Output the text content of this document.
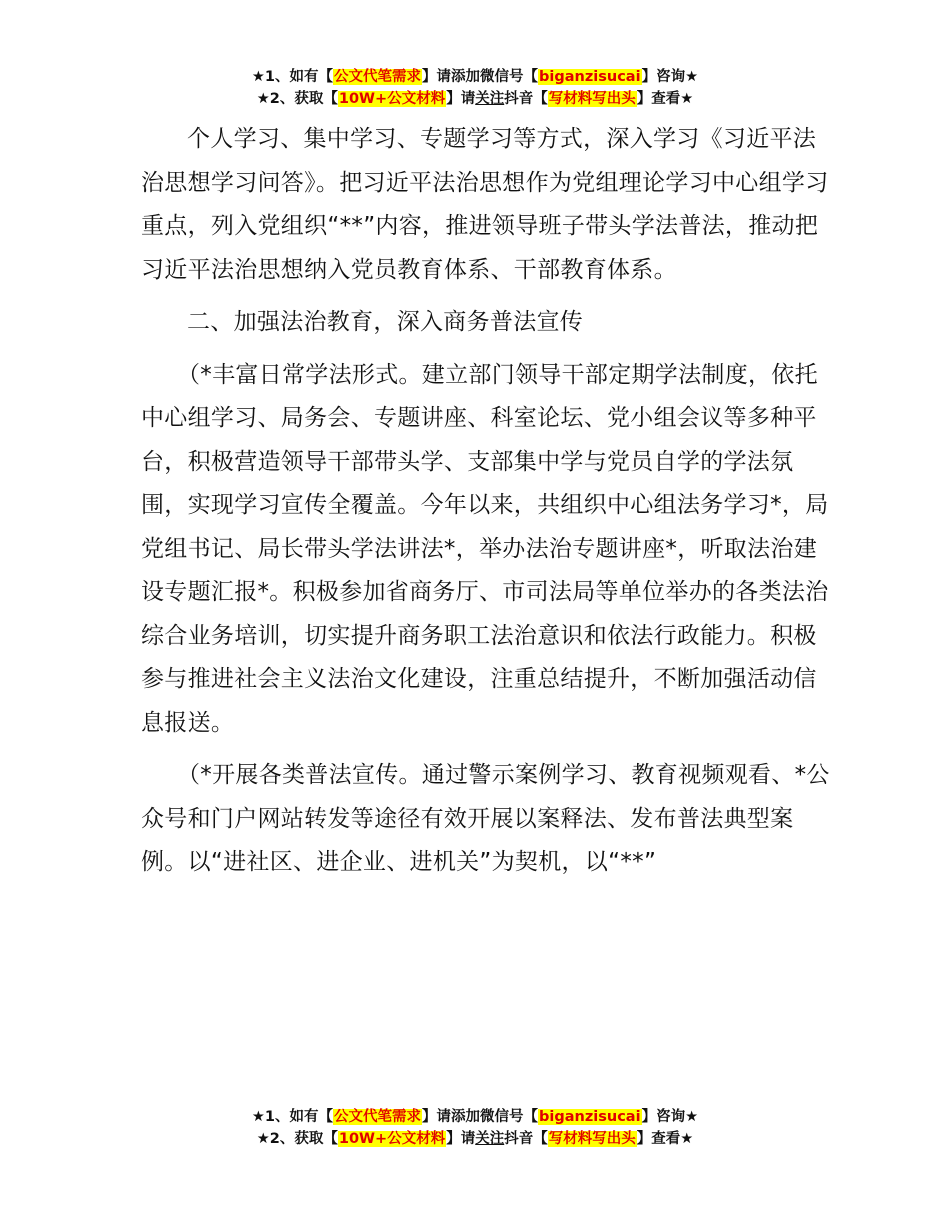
★1、如有【公文代笔需求】请添加微信号【biganzisucai】咨询★
★2、获取【10W+公文材料】请关注抖音【写材料写出头】查看★

个人学习、集中学习、专题学习等方式，深入学习《习近平法治思想学习问答》。把习近平法治思想作为党组理论学习中心组学习重点，列入党组织“**”内容，推进领导班子带头学法普法，推动把习近平法治思想纳入党员教育体系、干部教育体系。

二、加强法治教育，深入商务普法宣传

（*丰富日常学法形式。建立部门领导干部定期学法制度，依托中心组学习、局务会、专题讲座、科室论坛、党小组会议等多种平台，积极营造领导干部带头学、支部集中学与党员自学的学法氛围，实现学习宣传全覆盖。今年以来，共组织中心组法务学习*，局党组书记、局长带头学法讲法*，举办法治专题讲座*，听取法治建设专题汇报*。积极参加省商务厅、市司法局等单位举办的各类法治综合业务培训，切实提升商务职工法治意识和依法行政能力。积极参与推进社会主义法治文化建设，注重总结提升，不断加强活动信息报送。

（*开展各类普法宣传。通过警示案例学习、教育视频观看、*公众号和门户网站转发等途径有效开展以案释法、发布普法典型案例。以“进社区、进企业、进机关”为契机，以“**”

★1、如有【公文代笔需求】请添加微信号【biganzisucai】咨询★
★2、获取【10W+公文材料】请关注抖音【写材料写出头】查看★
